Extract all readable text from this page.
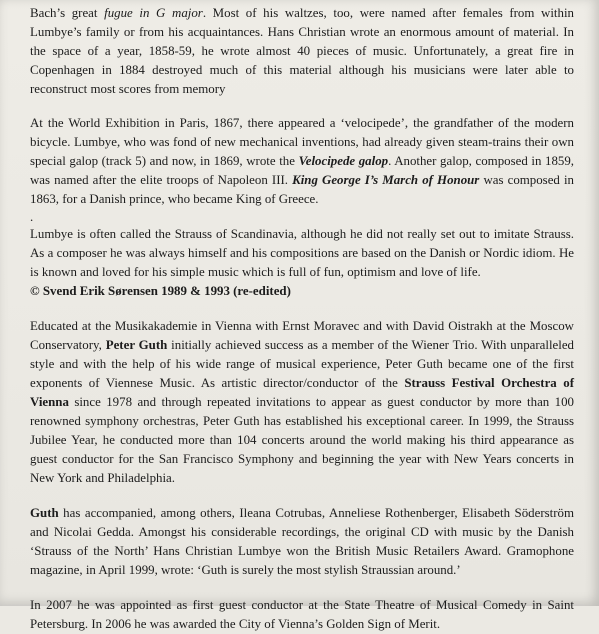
Bach’s great fugue in G major. Most of his waltzes, too, were named after females from within Lumbye’s family or from his acquaintances. Hans Christian wrote an enormous amount of material. In the space of a year, 1858-59, he wrote almost 40 pieces of music. Unfortunately, a great fire in Copenhagen in 1884 destroyed much of this material although his musicians were later able to reconstruct most scores from memory

At the World Exhibition in Paris, 1867, there appeared a ‘velocipede’, the grandfather of the modern bicycle. Lumbye, who was fond of new mechanical inventions, had already given steam-trains their own special galop (track 5) and now, in 1869, wrote the Velocipede galop. Another galop, composed in 1859, was named after the elite troops of Napoleon III. King George I’s March of Honour was composed in 1863, for a Danish prince, who became King of Greece.

.

Lumbye is often called the Strauss of Scandinavia, although he did not really set out to imitate Strauss. As a composer he was always himself and his compositions are based on the Danish or Nordic idiom. He is known and loved for his simple music which is full of fun, optimism and love of life.
© Svend Erik Sørensen 1989 & 1993 (re-edited)

Educated at the Musikakademie in Vienna with Ernst Moravec and with David Oistrakh at the Moscow Conservatory, Peter Guth initially achieved success as a member of the Wiener Trio. With unparalleled style and with the help of his wide range of musical experience, Peter Guth became one of the first exponents of Viennese Music. As artistic director/conductor of the Strauss Festival Orchestra of Vienna since 1978 and through repeated invitations to appear as guest conductor by more than 100 renowned symphony orchestras, Peter Guth has established his exceptional career. In 1999, the Strauss Jubilee Year, he conducted more than 104 concerts around the world making his third appearance as guest conductor for the San Francisco Symphony and beginning the year with New Years concerts in New York and Philadelphia.

Guth has accompanied, among others, Ileana Cotrubas, Anneliese Rothenberger, Elisabeth Söderström and Nicolai Gedda. Amongst his considerable recordings, the original CD with music by the Danish ‘Strauss of the North’ Hans Christian Lumbye won the British Music Retailers Award. Gramophone magazine, in April 1999, wrote: ‘Guth is surely the most stylish Straussian around.’

In 2007 he was appointed as first guest conductor at the State Theatre of Musical Comedy in Saint Petersburg. In 2006 he was awarded the City of Vienna’s Golden Sign of Merit.
